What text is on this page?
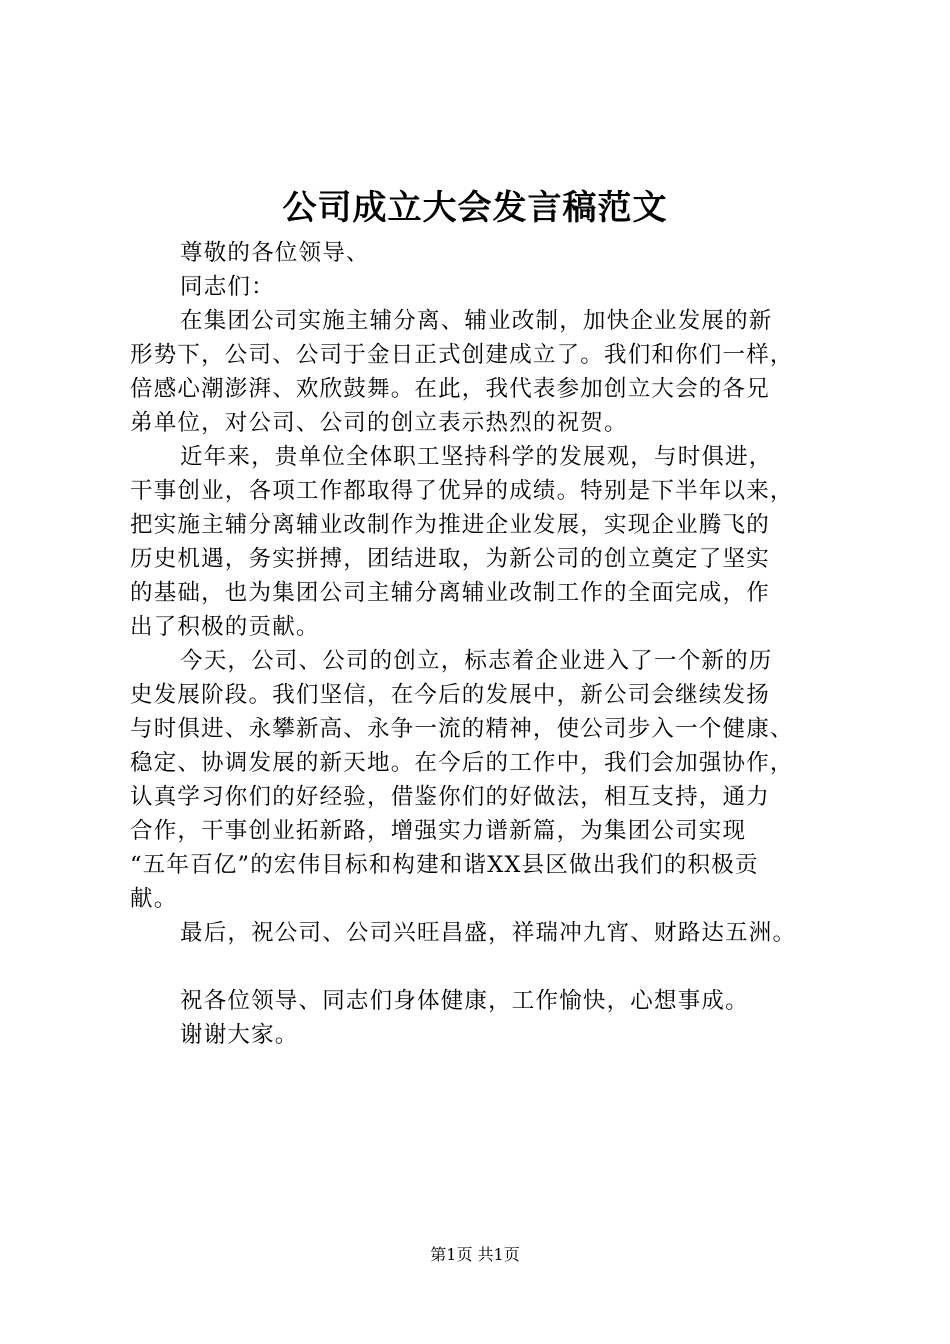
公司成立大会发言稿范文

尊敬的各位领导、

同志们：

在集团公司实施主辅分离、辅业改制，加快企业发展的新

形势下，公司、公司于金日正式创建成立了。我们和你们一样，

倍感心潮澎湃、欢欣鼓舞。在此，我代表参加创立大会的各兄

弟单位，对公司、公司的创立表示热烈的祝贺。

近年来，贵单位全体职工坚持科学的发展观，与时俱进，

干事创业，各项工作都取得了优异的成绩。特别是下半年以来，

把实施主辅分离辅业改制作为推进企业发展，实现企业腾飞的

历史机遇，务实拼搏，团结进取，为新公司的创立奠定了坚实

的基础，也为集团公司主辅分离辅业改制工作的全面完成，作

出了积极的贡献。

今天，公司、公司的创立，标志着企业进入了一个新的历

史发展阶段。我们坚信，在今后的发展中，新公司会继续发扬

与时俱进、永攀新高、永争一流的精神，使公司步入一个健康、

稳定、协调发展的新天地。在今后的工作中，我们会加强协作，

认真学习你们的好经验，借鉴你们的好做法，相互支持，通力

合作，干事创业拓新路，增强实力谱新篇，为集团公司实现

“五年百亿”的宏伟目标和构建和谐XX县区做出我们的积极贡

献。

最后，祝公司、公司兴旺昌盛，祥瑞冲九宵、财路达五洲。

祝各位领导、同志们身体健康，工作愉快，心想事成。

谢谢大家。

第1页 共1页
